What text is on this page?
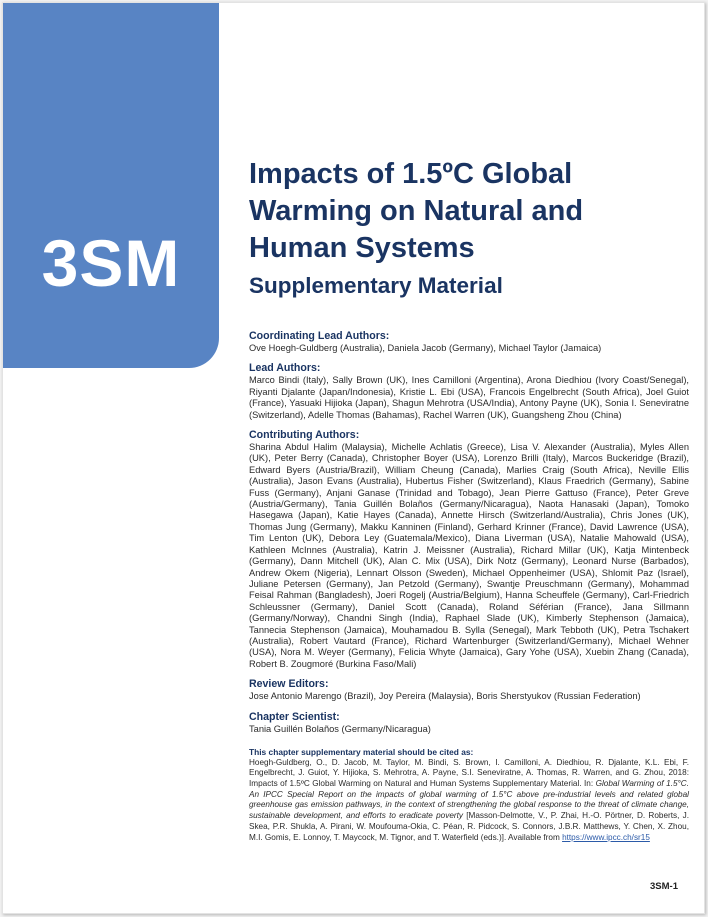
3SM
Impacts of 1.5ºC Global Warming on Natural and Human Systems
Supplementary Material
Coordinating Lead Authors:
Ove Hoegh-Guldberg (Australia), Daniela Jacob (Germany), Michael Taylor (Jamaica)
Lead Authors:
Marco Bindi (Italy), Sally Brown (UK), Ines Camilloni (Argentina), Arona Diedhiou (Ivory Coast/Senegal), Riyanti Djalante (Japan/Indonesia), Kristie L. Ebi (USA), Francois Engelbrecht (South Africa), Joel Guiot (France), Yasuaki Hijioka (Japan), Shagun Mehrotra (USA/India), Antony Payne (UK), Sonia I. Seneviratne (Switzerland), Adelle Thomas (Bahamas), Rachel Warren (UK), Guangsheng Zhou (China)
Contributing Authors:
Sharina Abdul Halim (Malaysia), Michelle Achlatis (Greece), Lisa V. Alexander (Australia), Myles Allen (UK), Peter Berry (Canada), Christopher Boyer (USA), Lorenzo Brilli (Italy), Marcos Buckeridge (Brazil), Edward Byers (Austria/Brazil), William Cheung (Canada), Marlies Craig (South Africa), Neville Ellis (Australia), Jason Evans (Australia), Hubertus Fisher (Switzerland), Klaus Fraedrich (Germany), Sabine Fuss (Germany), Anjani Ganase (Trinidad and Tobago), Jean Pierre Gattuso (France), Peter Greve (Austria/Germany), Tania Guillén Bolaños (Germany/Nicaragua), Naota Hanasaki (Japan), Tomoko Hasegawa (Japan), Katie Hayes (Canada), Annette Hirsch (Switzerland/Australia), Chris Jones (UK), Thomas Jung (Germany), Makku Kanninen (Finland), Gerhard Krinner (France), David Lawrence (USA), Tim Lenton (UK), Debora Ley (Guatemala/Mexico), Diana Liverman (USA), Natalie Mahowald (USA), Kathleen McInnes (Australia), Katrin J. Meissner (Australia), Richard Millar (UK), Katja Mintenbeck (Germany), Dann Mitchell (UK), Alan C. Mix (USA), Dirk Notz (Germany), Leonard Nurse (Barbados), Andrew Okem (Nigeria), Lennart Olsson (Sweden), Michael Oppenheimer (USA), Shlomit Paz (Israel), Juliane Petersen (Germany), Jan Petzold (Germany), Swantje Preuschmann (Germany), Mohammad Feisal Rahman (Bangladesh), Joeri Rogelj (Austria/Belgium), Hanna Scheuffele (Germany), Carl-Friedrich Schleussner (Germany), Daniel Scott (Canada), Roland Séférian (France), Jana Sillmann (Germany/Norway), Chandni Singh (India), Raphael Slade (UK), Kimberly Stephenson (Jamaica), Tannecia Stephenson (Jamaica), Mouhamadou B. Sylla (Senegal), Mark Tebboth (UK), Petra Tschakert (Australia), Robert Vautard (France), Richard Wartenburger (Switzerland/Germany), Michael Wehner (USA), Nora M. Weyer (Germany), Felicia Whyte (Jamaica), Gary Yohe (USA), Xuebin Zhang (Canada), Robert B. Zougmoré (Burkina Faso/Mali)
Review Editors:
Jose Antonio Marengo (Brazil), Joy Pereira (Malaysia), Boris Sherstyukov (Russian Federation)
Chapter Scientist:
Tania Guillén Bolaños (Germany/Nicaragua)
This chapter supplementary material should be cited as:
Hoegh-Guldberg, O., D. Jacob, M. Taylor, M. Bindi, S. Brown, I. Camilloni, A. Diedhiou, R. Djalante, K.L. Ebi, F. Engelbrecht, J. Guiot, Y. Hijioka, S. Mehrotra, A. Payne, S.I. Seneviratne, A. Thomas, R. Warren, and G. Zhou, 2018: Impacts of 1.5ºC Global Warming on Natural and Human Systems Supplementary Material. In: Global Warming of 1.5°C. An IPCC Special Report on the impacts of global warming of 1.5°C above pre-industrial levels and related global greenhouse gas emission pathways, in the context of strengthening the global response to the threat of climate change, sustainable development, and efforts to eradicate poverty [Masson-Delmotte, V., P. Zhai, H.-O. Pörtner, D. Roberts, J. Skea, P.R. Shukla, A. Pirani, W. Moufouma-Okia, C. Péan, R. Pidcock, S. Connors, J.B.R. Matthews, Y. Chen, X. Zhou, M.I. Gomis, E. Lonnoy, T. Maycock, M. Tignor, and T. Waterfield (eds.)]. Available from https://www.ipcc.ch/sr15
3SM-1
